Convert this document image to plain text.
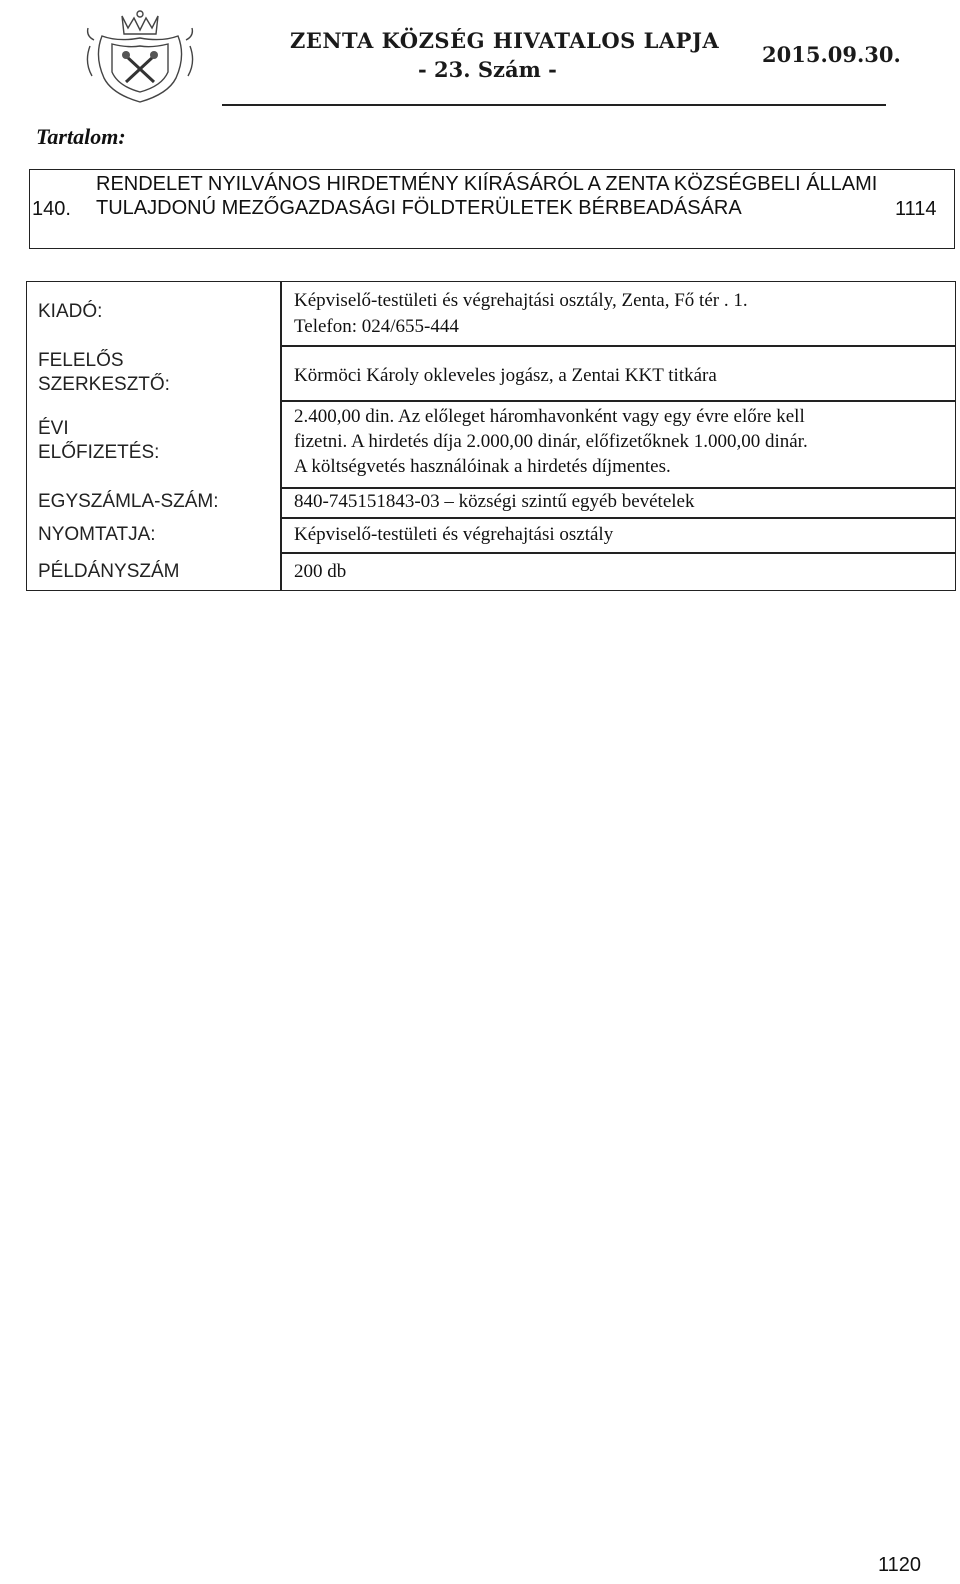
ZENTA KÖZSÉG HIVATALOS LAPJA
- 23. Szám -
2015.09.30.
Tartalom:
140.
RENDELET NYILVÁNOS HIRDETMÉNY KIÍRÁSÁRÓL A ZENTA KÖZSÉGBELI ÁLLAMI TULAJDONÚ MEZŐGAZDASÁGI FÖLDTERÜLETEK BÉRBEADÁSÁRA	1114
KIADÓ:
Képviselő-testületi és végrehajtási osztály, Zenta, Fő tér . 1.
Telefon: 024/655-444
FELELŐS
SZERKESZTŐ:	Körmöci Károly okleveles jogász, a Zentai KKT titkára
ÉVI
ELŐFIZETÉS:
2.400,00 din. Az előleget háromhavonként vagy egy évre előre kell
fizetni. A hirdetés díja 2.000,00 dinár, előfizetőknek 1.000,00 dinár.
A költségvetés használóinak a hirdetés díjmentes.
EGYSZÁMLA-SZÁM:	840-745151843-03 – községi szintű egyéb bevételek
NYOMTATJA:	Képviselő-testületi és végrehajtási osztály
PÉLDÁNYSZÁM	200 db
1120
